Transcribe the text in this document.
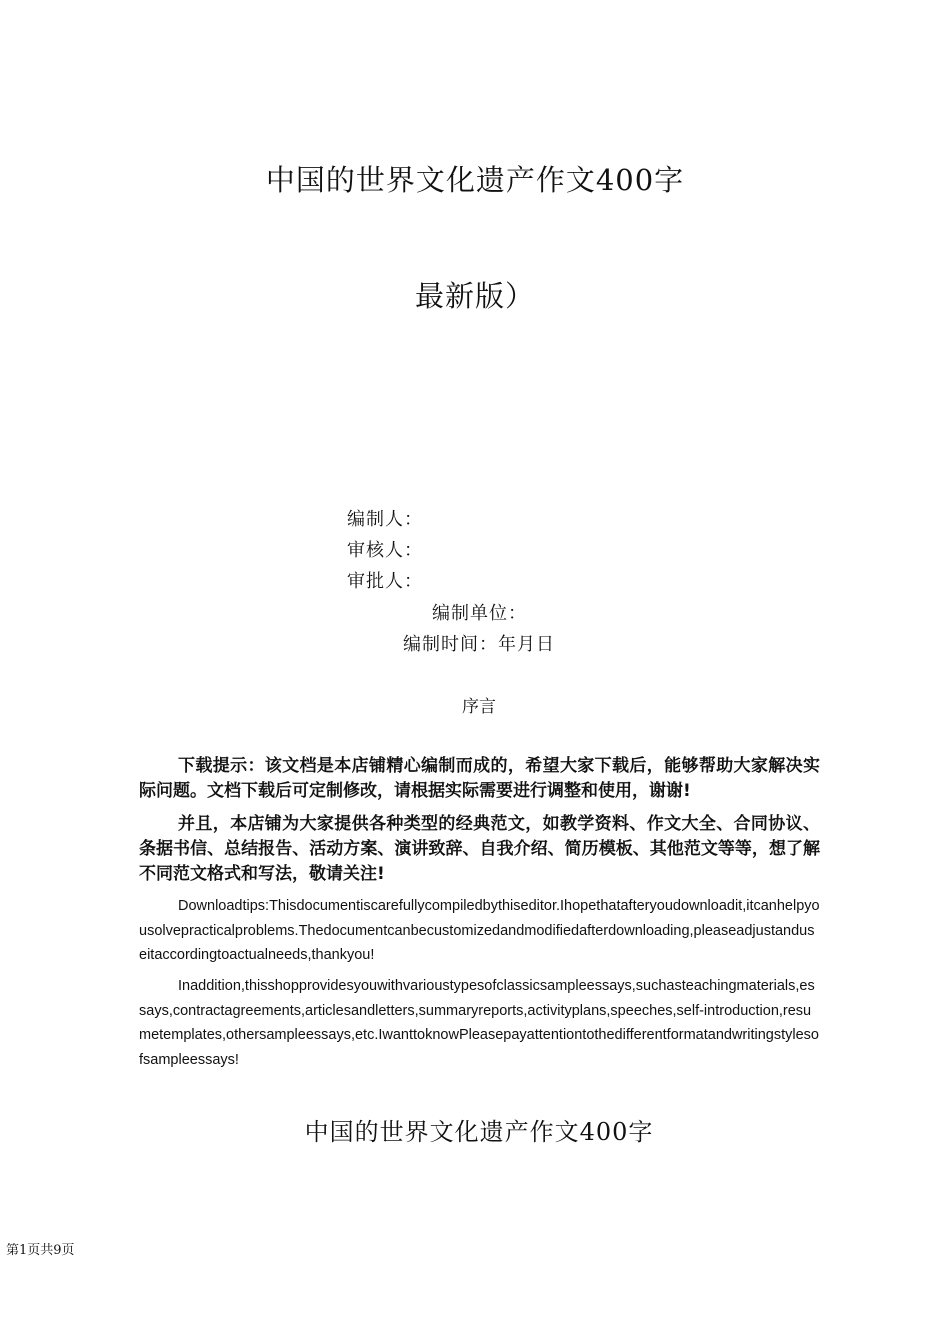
中国的世界文化遗产作文400字
最新版）
编制人：
审核人：
审批人：
编制单位：
编制时间：年月日
序言

下载提示：该文档是本店铺精心编制而成的，希望大家下载后，能够帮助大家解决实际问题。文档下载后可定制修改，请根据实际需要进行调整和使用，谢谢!

并且，本店铺为大家提供各种类型的经典范文，如教学资料、作文大全、合同协议、条据书信、总结报告、活动方案、演讲致辞、自我介绍、简历模板、其他范文等等，想了解不同范文格式和写法，敬请关注!

Downloadtips:Thisdocumentiscarefullycompiledbythiseditor.Ihopethatafteryoudownloadit,itcanhelpyousolvepracticalproblems.Thedocumentcanbecustomizedandmodifiedafterdownloading,pleaseadjustanduseitaccordingtoactualneeds,thankyou!

Inaddition,thisshopprovidesyouwithvarioustypesofclassicsampleessays,suchasteachingmaterials,essays,contractagreements,articlesandletters,summaryreports,activityplans,speeches,self-introduction,resumetemplates,othersampleessays,etc.IwanttoknowPleasepayattentiontothedifferentformatandwritingstylesofsampleessays!

中国的世界文化遗产作文400字
第1页共9页
